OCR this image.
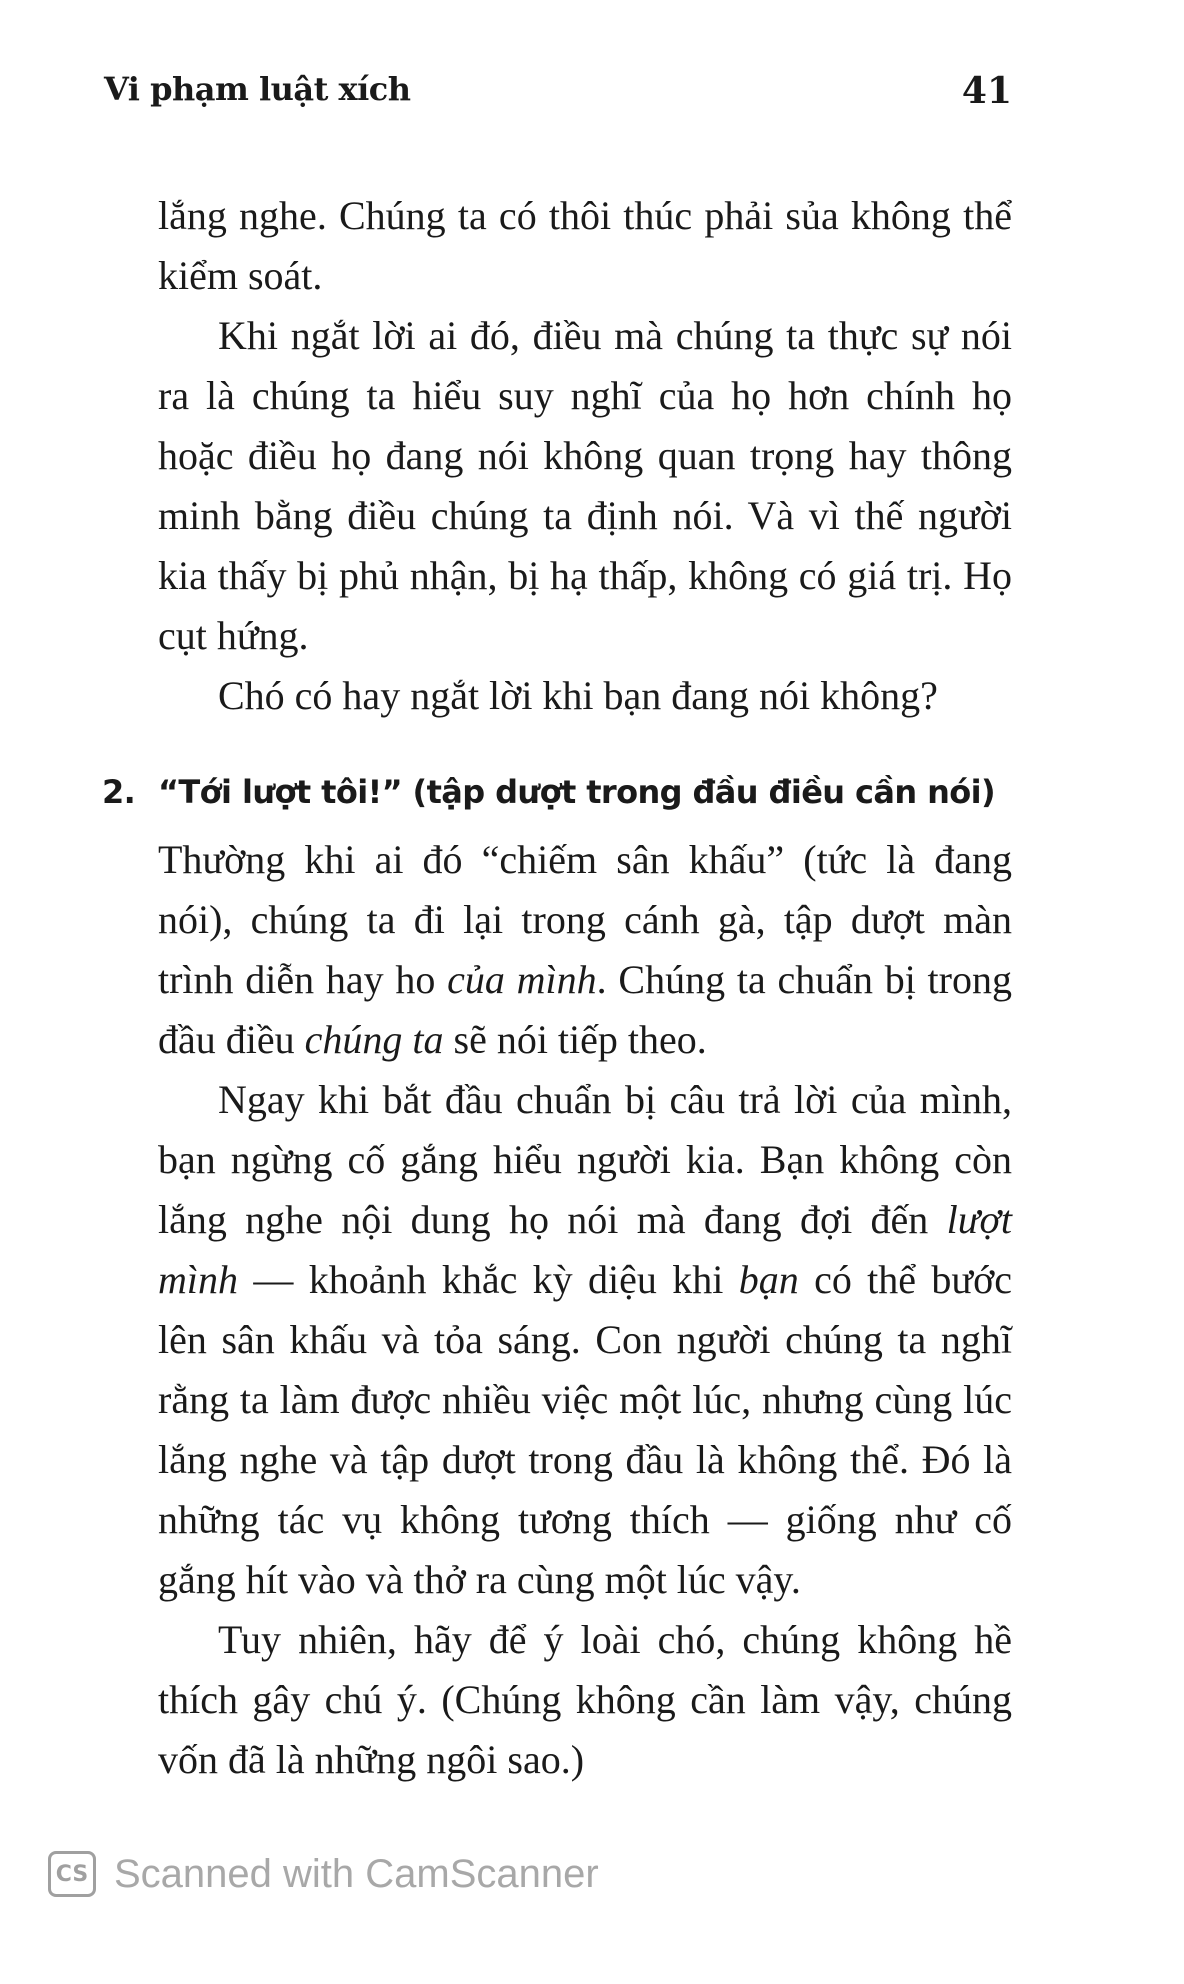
Vi phạm luật xích	41

lắng nghe. Chúng ta có thôi thúc phải sủa không thể kiểm soát.

Khi ngắt lời ai đó, điều mà chúng ta thực sự nói ra là chúng ta hiểu suy nghĩ của họ hơn chính họ hoặc điều họ đang nói không quan trọng hay thông minh bằng điều chúng ta định nói. Và vì thế người kia thấy bị phủ nhận, bị hạ thấp, không có giá trị. Họ cụt hứng.

Chó có hay ngắt lời khi bạn đang nói không?

2. “Tới lượt tôi!” (tập dượt trong đầu điều cần nói)

Thường khi ai đó “chiếm sân khấu” (tức là đang nói), chúng ta đi lại trong cánh gà, tập dượt màn trình diễn hay ho của mình. Chúng ta chuẩn bị trong đầu điều chúng ta sẽ nói tiếp theo.

Ngay khi bắt đầu chuẩn bị câu trả lời của mình, bạn ngừng cố gắng hiểu người kia. Bạn không còn lắng nghe nội dung họ nói mà đang đợi đến lượt mình — khoảnh khắc kỳ diệu khi bạn có thể bước lên sân khấu và tỏa sáng. Con người chúng ta nghĩ rằng ta làm được nhiều việc một lúc, nhưng cùng lúc lắng nghe và tập dượt trong đầu là không thể. Đó là những tác vụ không tương thích — giống như cố gắng hít vào và thở ra cùng một lúc vậy.

Tuy nhiên, hãy để ý loài chó, chúng không hề thích gây chú ý. (Chúng không cần làm vậy, chúng vốn đã là những ngôi sao.)

CS Scanned with CamScanner
